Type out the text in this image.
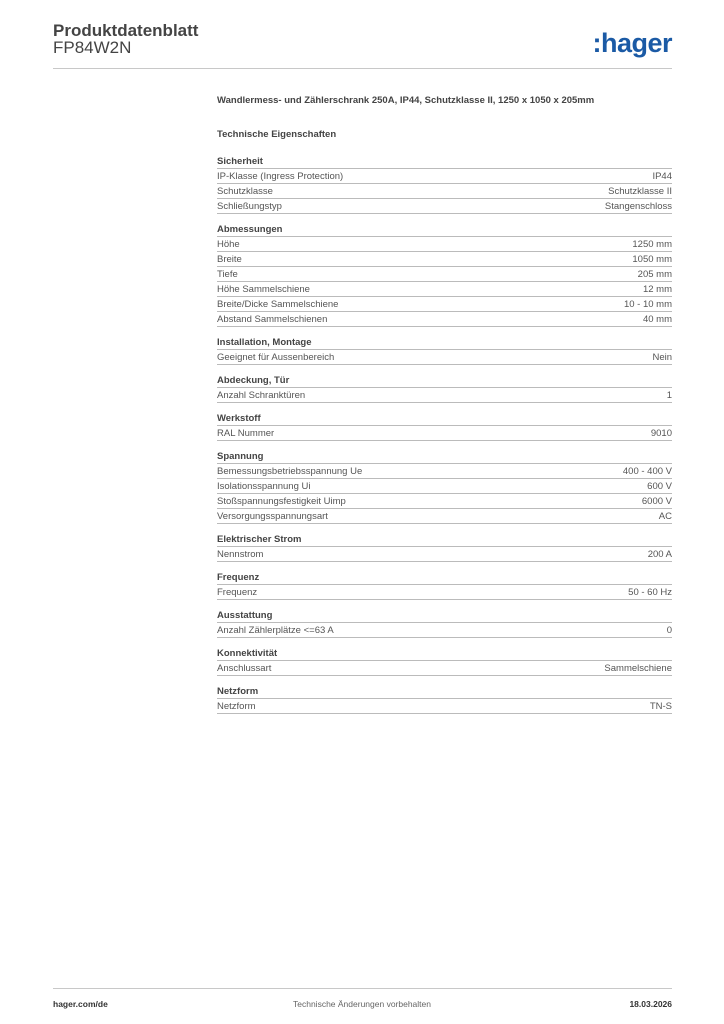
Produktdatenblatt
FP84W2N	:hager
Wandlermess- und Zählerschrank 250A, IP44, Schutzklasse II, 1250 x 1050 x 205mm
Technische Eigenschaften
Sicherheit
IP-Klasse (Ingress Protection)	IP44
Schutzklasse	Schutzklasse II
Schließungstyp	Stangenschloss
Abmessungen
Höhe	1250 mm
Breite	1050 mm
Tiefe	205 mm
Höhe Sammelschiene	12 mm
Breite/Dicke Sammelschiene	10 - 10 mm
Abstand Sammelschienen	40 mm
Installation, Montage
Geeignet für Aussenbereich	Nein
Abdeckung, Tür
Anzahl Schranktüren	1
Werkstoff
RAL Nummer	9010
Spannung
Bemessungsbetriebsspannung Ue	400 - 400 V
Isolationsspannung Ui	600 V
Stoßspannungsfestigkeit Uimp	6000 V
Versorgungsspannungsart	AC
Elektrischer Strom
Nennstrom	200 A
Frequenz
Frequenz	50 - 60 Hz
Ausstattung
Anzahl Zählerplätze <=63 A	0
Konnektivität
Anschlussart	Sammelschiene
Netzform
Netzform	TN-S
hager.com/de	Technische Änderungen vorbehalten	18.03.2026
